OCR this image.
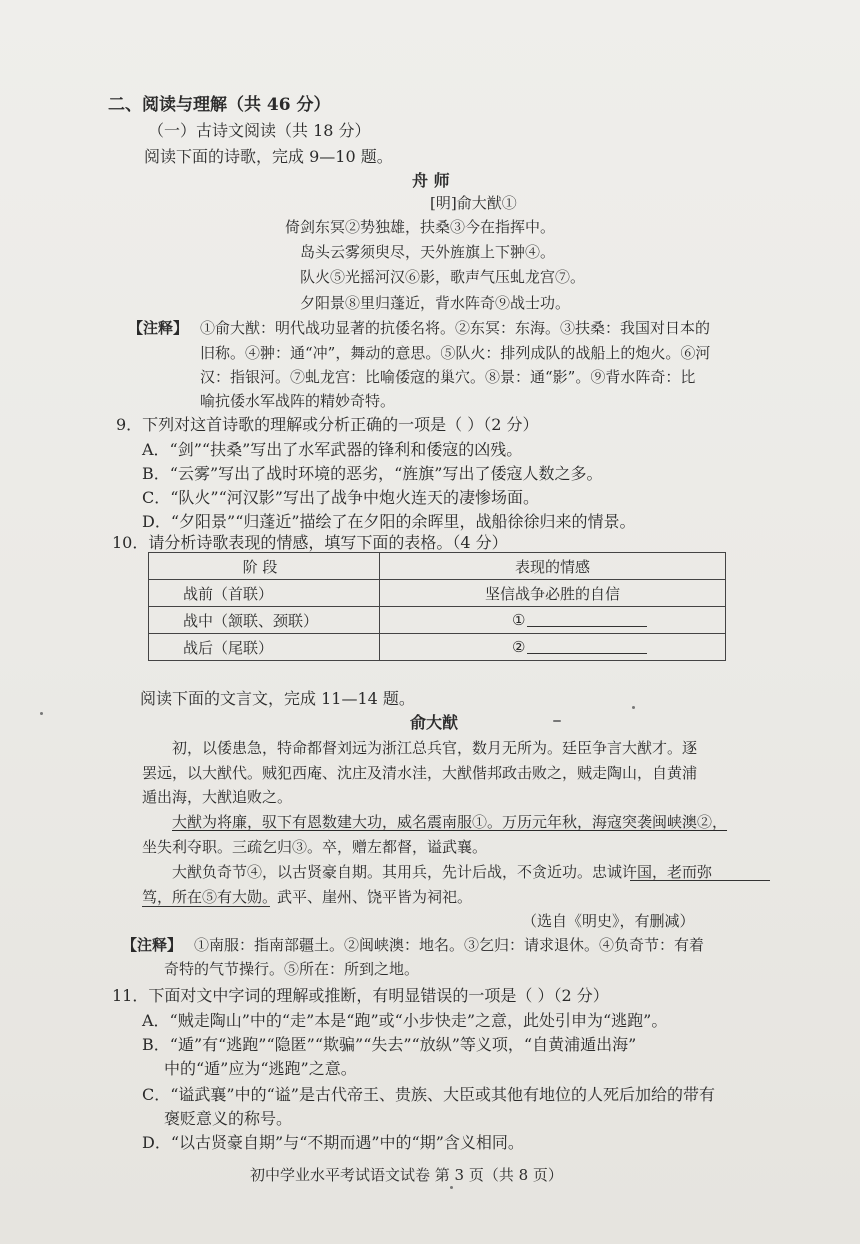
二、阅读与理解（共 46 分）
（一）古诗文阅读（共 18 分）
阅读下面的诗歌，完成 9—10 题。
舟 师
[明]俞大猷①
倚剑东冥②势独雄，扶桑③今在指挥中。
岛头云雾须臾尽，天外旌旗上下翀④。
队火⑤光摇河汉⑥影，歌声气压虬龙宫⑦。
夕阳景⑧里归蓬近，背水阵奇⑨战士功。
【注释】 ①俞大猷：明代战功显著的抗倭名将。②东冥：东海。③扶桑：我国对日本的
旧称。④翀：通“冲”，舞动的意思。⑤队火：排列成队的战船上的炮火。⑥河
汉：指银河。⑦虬龙宫：比喻倭寇的巢穴。⑧景：通“影”。⑨背水阵奇：比
喻抗倭水军战阵的精妙奇特。
9．下列对这首诗歌的理解或分析正确的一项是（ ）（2 分）
A．“剑”“扶桑”写出了水军武器的锋利和倭寇的凶残。
B．“云雾”写出了战时环境的恶劣，“旌旗”写出了倭寇人数之多。
C．“队火”“河汉影”写出了战争中炮火连天的凄惨场面。
D．“夕阳景”“归蓬近”描绘了在夕阳的余晖里，战船徐徐归来的情景。
10．请分析诗歌表现的情感，填写下面的表格。（4 分）
阶 段	表现的情感
战前（首联）	坚信战争必胜的自信
战中（颔联、颈联）	①
战后（尾联）	②
阅读下面的文言文，完成 11—14 题。
俞大猷
初，以倭患急，特命都督刘远为浙江总兵官，数月无所为。廷臣争言大猷才。逐
罢远，以大猷代。贼犯西庵、沈庄及清水洼，大猷偕邦政击败之，贼走陶山，自黄浦
遁出海，大猷追败之。
大猷为将廉，驭下有恩数建大功，威名震南服①。万历元年秋，海寇突袭闽峡澳②，
坐失利夺职。三疏乞归③。卒，赠左都督，谥武襄。
大猷负奇节④，以古贤豪自期。其用兵，先计后战，不贪近功。忠诚许国，老而弥
笃，所在⑤有大勋。武平、崖州、饶平皆为祠祀。
（选自《明史》，有删减）
【注释】 ①南服：指南部疆土。②闽峡澳：地名。③乞归：请求退休。④负奇节：有着
奇特的气节操行。⑤所在：所到之地。
11．下面对文中字词的理解或推断，有明显错误的一项是（ ）（2 分）
A．“贼走陶山”中的“走”本是“跑”或“小步快走”之意，此处引申为“逃跑”。
B．“遁”有“逃跑”“隐匿”“欺骗”“失去”“放纵”等义项，“自黄浦遁出海”
中的“遁”应为“逃跑”之意。
C．“谥武襄”中的“谥”是古代帝王、贵族、大臣或其他有地位的人死后加给的带有
褒贬意义的称号。
D．“以古贤豪自期”与“不期而遇”中的“期”含义相同。
初中学业水平考试语文试卷 第 3 页（共 8 页）
